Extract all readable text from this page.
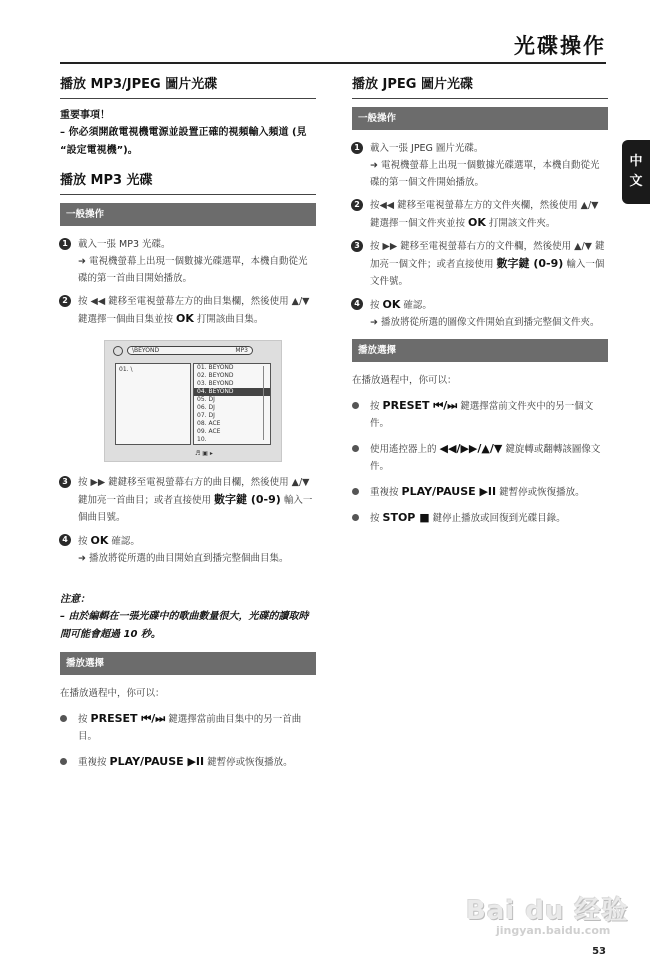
光碟操作
中
文
播放 MP3/JPEG 圖片光碟
重要事項！
– 你必須開啟電視機電源並設置正確的視頻輸入頻道 (見 “設定電視機”)。
播放 MP3 光碟
一般操作
1	載入一張 MP3 光碟。
➜ 電視機螢幕上出現一個數據光碟選單，本機自動從光碟的第一首曲目開始播放。
2	按 ◀◀ 鍵移至電視螢幕左方的曲目集欄，然後使用 ▲/▼ 鍵選擇一個曲目集並按 OK 打開該曲目集。
\BEYOND	MP3
01. \	01. BEYOND
02. BEYOND
03. BEYOND
04. BEYOND
05. DJ
06. DJ
07. DJ
08. ACE
09. ACE
10.
♬ ▣ ▸
3	按 ▶▶ 鍵鍵移至電視螢幕右方的曲目欄，然後使用 ▲/▼ 鍵加亮一首曲目；或者直接使用 數字鍵 (0-9) 輸入一個曲目號。
4	按 OK 確認。
➜ 播放將從所選的曲目開始直到播完整個曲目集。
注意：
– 由於編輯在一張光碟中的歌曲數量很大，光碟的讀取時間可能會超過 10 秒。
播放選擇
在播放過程中，你可以：
按 PRESET ⏮/⏭ 鍵選擇當前曲目集中的另一首曲目。
重複按 PLAY/PAUSE ▶II 鍵暫停或恢復播放。
播放 JPEG 圖片光碟
一般操作
1	載入一張 JPEG 圖片光碟。
➜ 電視機螢幕上出現一個數據光碟選單，本機自動從光碟的第一個文件開始播放。
2	按◀◀ 鍵移至電視螢幕左方的文件夾欄，然後使用 ▲/▼ 鍵選擇一個文件夾並按 OK 打開該文件夾。
3	按 ▶▶ 鍵移至電視螢幕右方的文件欄，然後使用 ▲/▼ 鍵加亮一個文件；或者直接使用 數字鍵 (0-9) 輸入一個文件號。
4	按 OK 確認。
➜ 播放將從所選的圖像文件開始直到播完整個文件夾。
播放選擇
在播放過程中，你可以：
按 PRESET ⏮/⏭ 鍵選擇當前文件夾中的另一個文件。
使用遙控器上的 ◀◀/▶▶/▲/▼ 鍵旋轉或翻轉該圖像文件。
重複按 PLAY/PAUSE ▶II 鍵暫停或恢復播放。
按 STOP ■ 鍵停止播放或回復到光碟目錄。
Bai du 经验
jingyan.baidu.com
53
